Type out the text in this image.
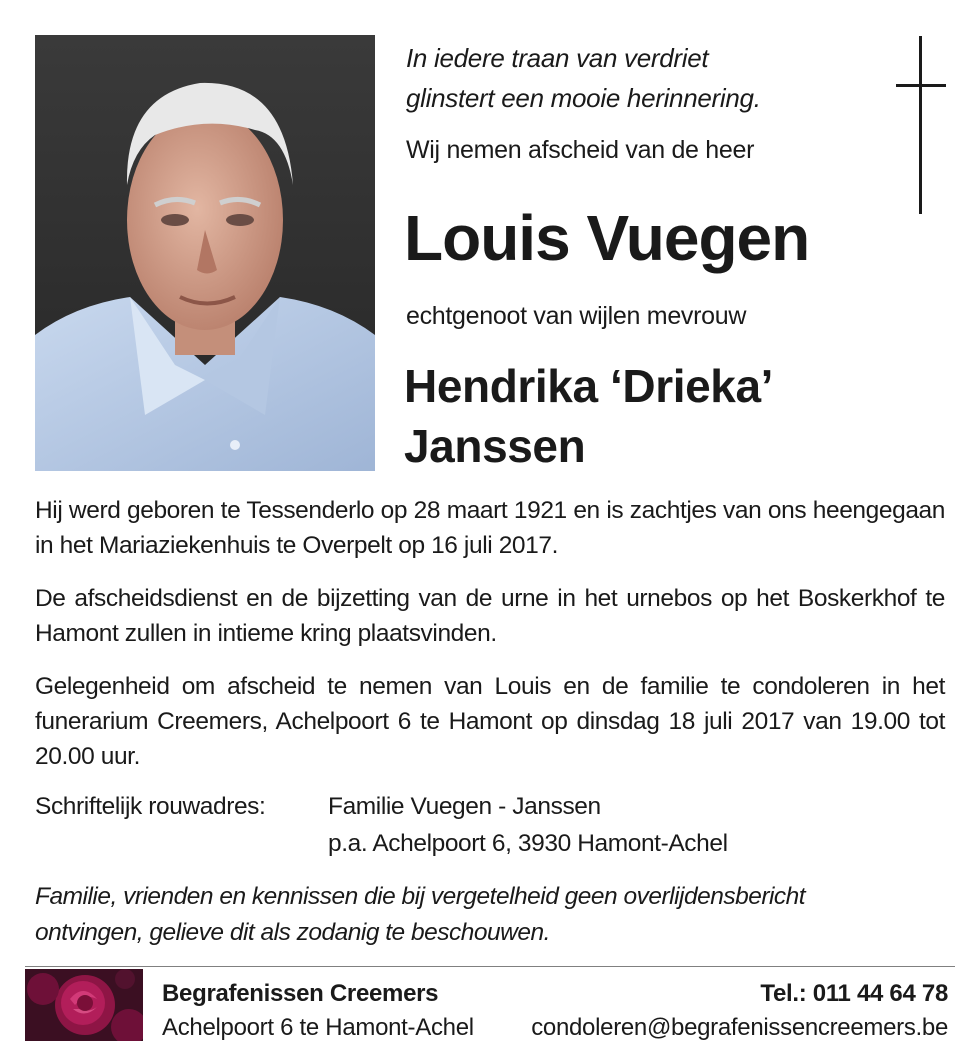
In iedere traan van verdriet
glinstert een mooie herinnering.
Wij nemen afscheid van de heer
Louis Vuegen
echtgenoot van wijlen mevrouw
Hendrika ‘Drieka’
Janssen
Hij werd geboren te Tessenderlo op 28 maart 1921 en is zachtjes van ons heengegaan in het Mariaziekenhuis te Overpelt op 16 juli 2017.
De afscheidsdienst en de bijzetting van de urne in het urnebos op het Boskerkhof te Hamont zullen in intieme kring plaatsvinden.
Gelegenheid om afscheid te nemen van Louis en de familie te condoleren in het funerarium Creemers, Achelpoort 6 te Hamont op dinsdag 18 juli 2017 van 19.00 tot 20.00 uur.
Schriftelijk rouwadres:	Familie Vuegen - Janssen
p.a. Achelpoort 6, 3930 Hamont-Achel
Familie, vrienden en kennissen die bij vergetelheid geen overlijdensbericht
ontvingen, gelieve dit als zodanig te beschouwen.
Begrafenissen Creemers
Achelpoort 6 te Hamont-Achel
Tel.: 011 44 64 78
condoleren@begrafenissencreemers.be
